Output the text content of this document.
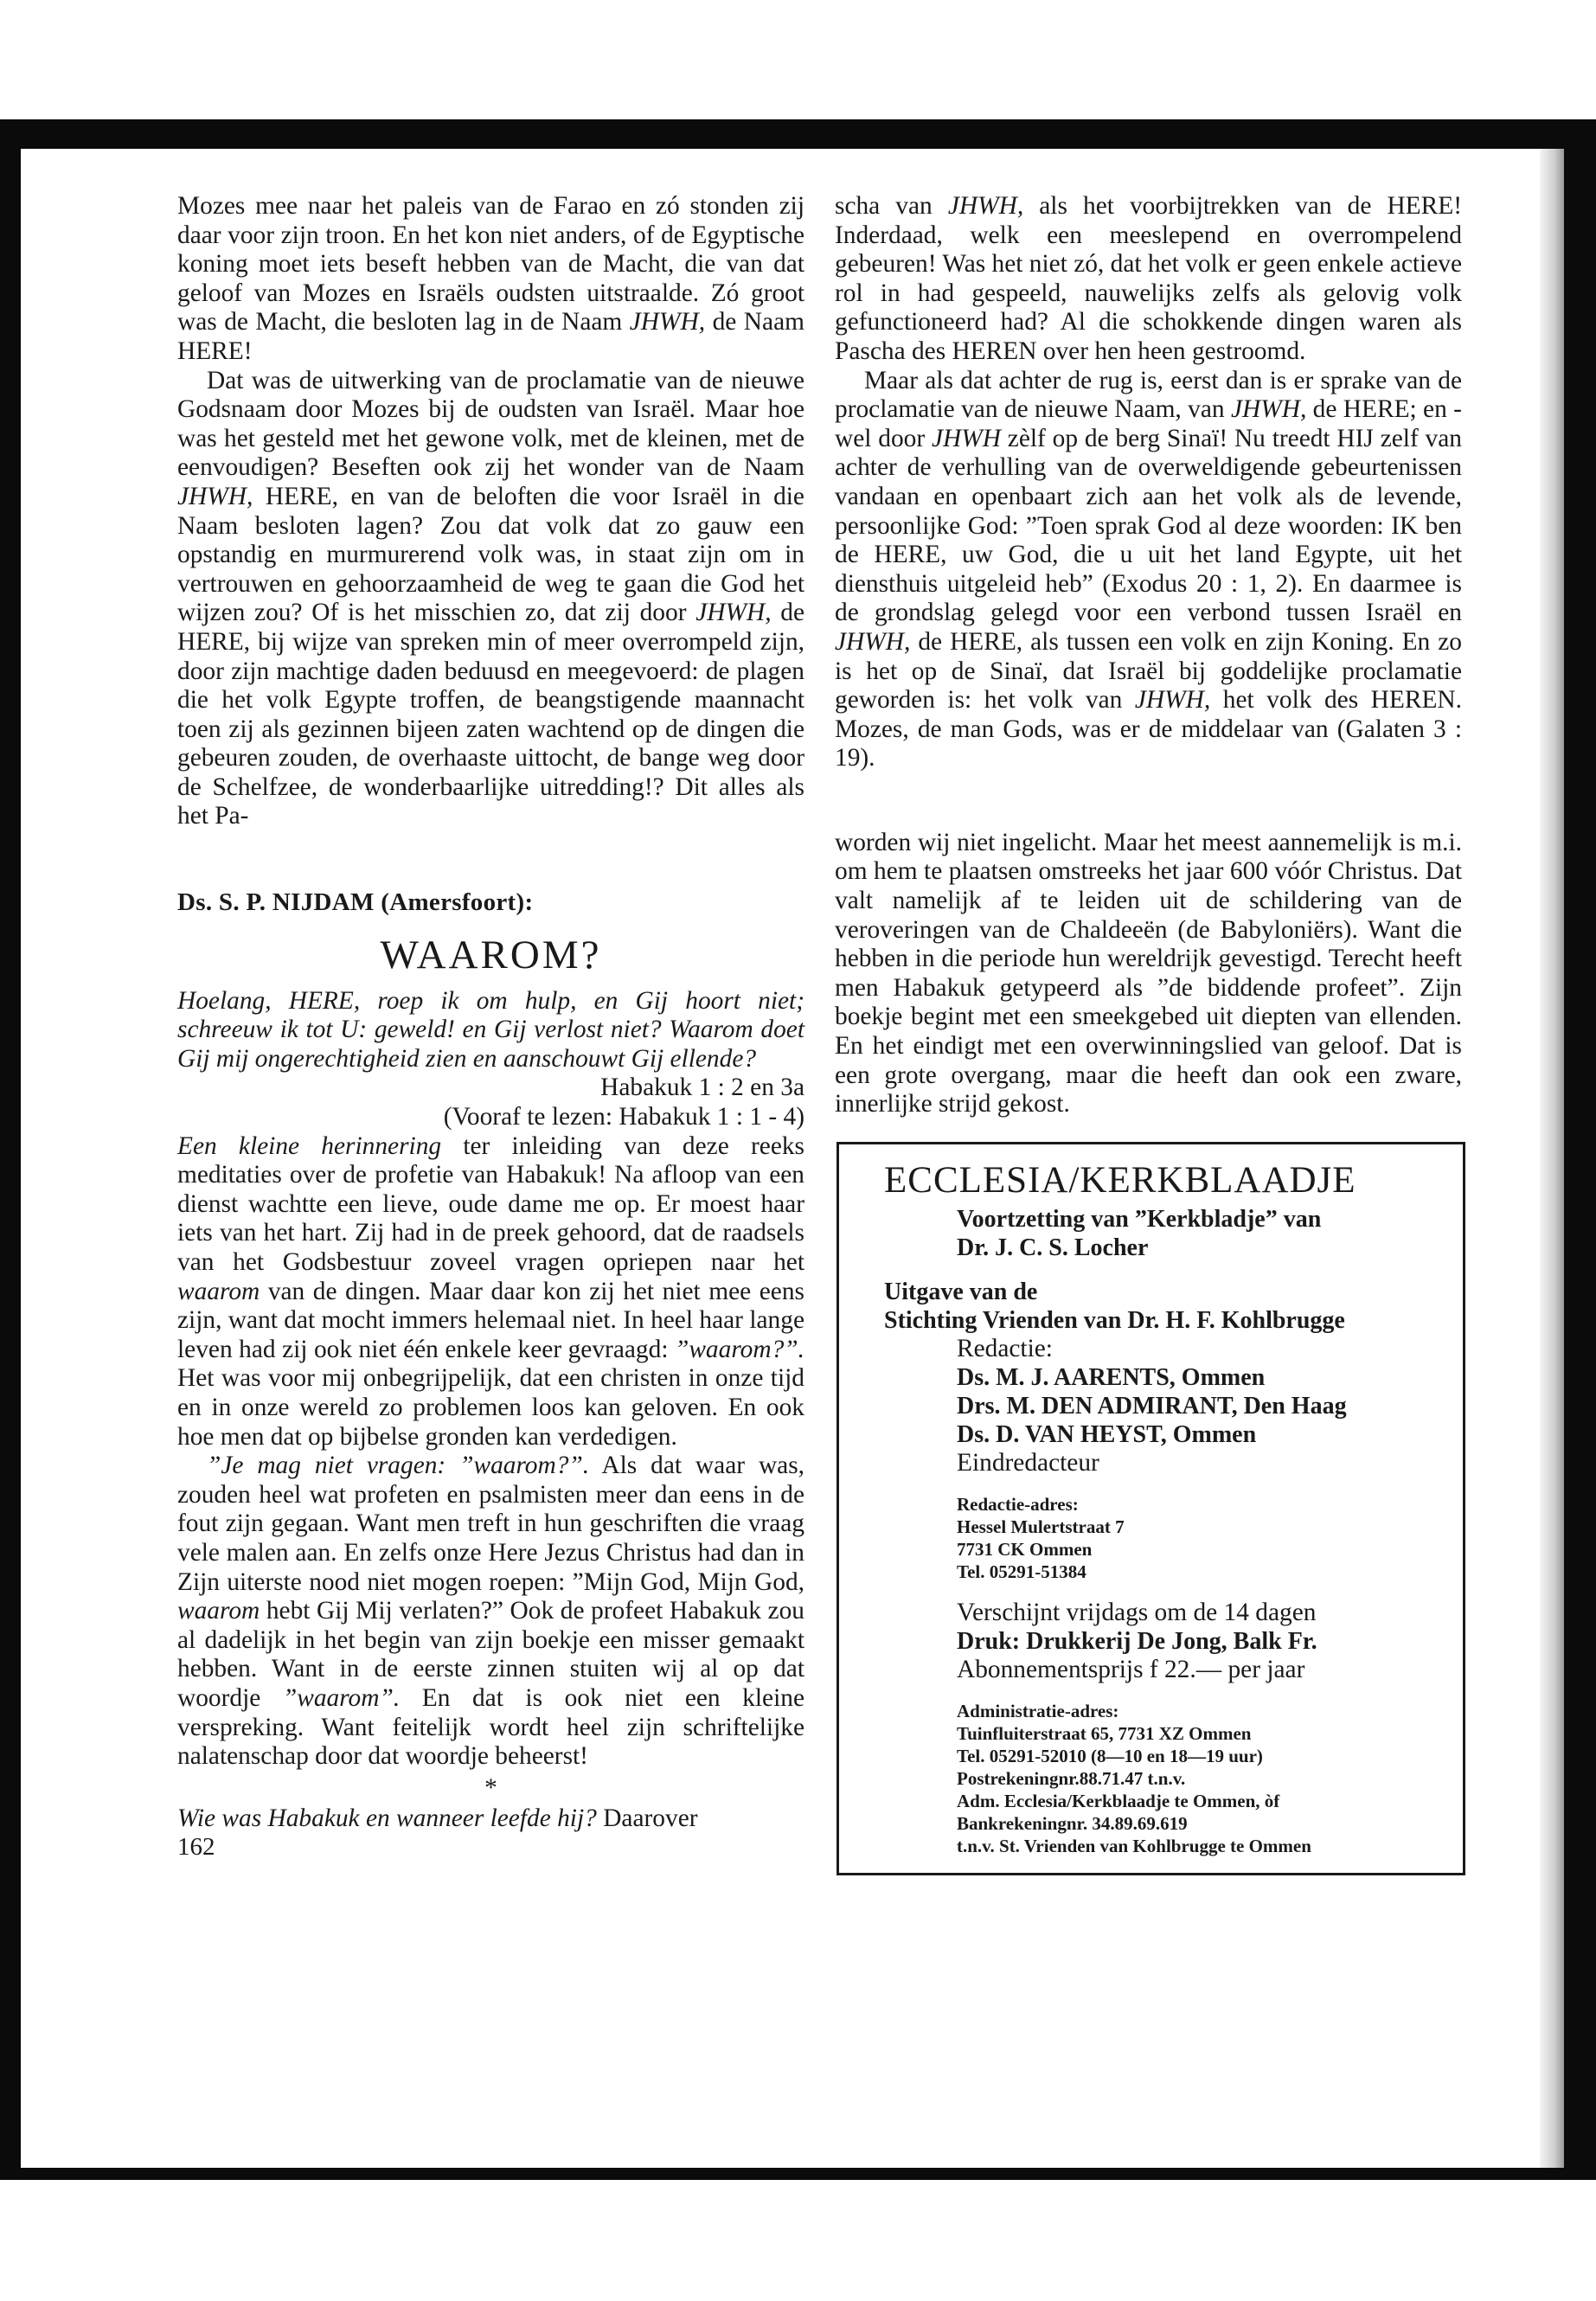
Mozes mee naar het paleis van de Farao en zó stonden zij daar voor zijn troon. En het kon niet anders, of de Egyptische koning moet iets beseft hebben van de Macht, die van dat geloof van Mozes en Israëls oudsten uitstraalde. Zó groot was de Macht, die besloten lag in de Naam JHWH, de Naam HERE!

Dat was de uitwerking van de proclamatie van de nieuwe Godsnaam door Mozes bij de oudsten van Israël. Maar hoe was het gesteld met het gewone volk, met de kleinen, met de eenvoudigen? Beseften ook zij het wonder van de Naam JHWH, HERE, en van de beloften die voor Israël in die Naam besloten lagen? Zou dat volk dat zo gauw een opstandig en murmurerend volk was, in staat zijn om in vertrouwen en gehoorzaamheid de weg te gaan die God het wijzen zou? Of is het misschien zo, dat zij door JHWH, de HERE, bij wijze van spreken min of meer overrompeld zijn, door zijn machtige daden beduusd en meegevoerd: de plagen die het volk Egypte troffen, de beangstigende maannacht toen zij als gezinnen bijeen zaten wachtend op de dingen die gebeuren zouden, de overhaaste uittocht, de bange weg door de Schelfzee, de wonderbaarlijke uitredding!? Dit alles als het Pa-

Ds. S. P. NIJDAM (Amersfoort):

WAAROM?

Hoelang, HERE, roep ik om hulp, en Gij hoort niet; schreeuw ik tot U: geweld! en Gij verlost niet? Waarom doet Gij mij ongerechtigheid zien en aanschouwt Gij ellende?

Habakuk 1 : 2 en 3a

(Vooraf te lezen: Habakuk 1 : 1 - 4)

Een kleine herinnering ter inleiding van deze reeks meditaties over de profetie van Habakuk! Na afloop van een dienst wachtte een lieve, oude dame me op. Er moest haar iets van het hart. Zij had in de preek gehoord, dat de raadsels van het Godsbestuur zoveel vragen opriepen naar het waarom van de dingen. Maar daar kon zij het niet mee eens zijn, want dat mocht immers helemaal niet. In heel haar lange leven had zij ook niet één enkele keer gevraagd: ”waarom?”. Het was voor mij onbegrijpelijk, dat een christen in onze tijd en in onze wereld zo problemen loos kan geloven. En ook hoe men dat op bijbelse gronden kan verdedigen.

”Je mag niet vragen: ”waarom?”. Als dat waar was, zouden heel wat profeten en psalmisten meer dan eens in de fout zijn gegaan. Want men treft in hun geschriften die vraag vele malen aan. En zelfs onze Here Jezus Christus had dan in Zijn uiterste nood niet mogen roepen: ”Mijn God, Mijn God, waarom hebt Gij Mij verlaten?” Ook de profeet Habakuk zou al dadelijk in het begin van zijn boekje een misser gemaakt hebben. Want in de eerste zinnen stuiten wij al op dat woordje ”waarom”. En dat is ook niet een kleine verspreking. Want feitelijk wordt heel zijn schriftelijke nalatenschap door dat woordje beheerst!

*

Wie was Habakuk en wanneer leefde hij? Daarover

162

scha van JHWH, als het voorbijtrekken van de HERE! Inderdaad, welk een meeslepend en overrompelend gebeuren! Was het niet zó, dat het volk er geen enkele actieve rol in had gespeeld, nauwelijks zelfs als gelovig volk gefunctioneerd had? Al die schokkende dingen waren als Pascha des HEREN over hen heen gestroomd.

Maar als dat achter de rug is, eerst dan is er sprake van de proclamatie van de nieuwe Naam, van JHWH, de HERE; en - wel door JHWH zèlf op de berg Sinaï! Nu treedt HIJ zelf van achter de verhulling van de overweldigende gebeurtenissen vandaan en openbaart zich aan het volk als de levende, persoonlijke God: ”Toen sprak God al deze woorden: IK ben de HERE, uw God, die u uit het land Egypte, uit het diensthuis uitgeleid heb” (Exodus 20 : 1, 2). En daarmee is de grondslag gelegd voor een verbond tussen Israël en JHWH, de HERE, als tussen een volk en zijn Koning. En zo is het op de Sinaï, dat Israël bij goddelijke proclamatie geworden is: het volk van JHWH, het volk des HEREN. Mozes, de man Gods, was er de middelaar van (Galaten 3 : 19).

worden wij niet ingelicht. Maar het meest aannemelijk is m.i. om hem te plaatsen omstreeks het jaar 600 vóór Christus. Dat valt namelijk af te leiden uit de schildering van de veroveringen van de Chaldeeën (de Babyloniërs). Want die hebben in die periode hun wereldrijk gevestigd. Terecht heeft men Habakuk getypeerd als ”de biddende profeet”. Zijn boekje begint met een smeekgebed uit diepten van ellenden. En het eindigt met een overwinningslied van geloof. Dat is een grote overgang, maar die heeft dan ook een zware, innerlijke strijd gekost.

ECCLESIA/KERKBLAADJE
Voortzetting van ”Kerkbladje” van
Dr. J. C. S. Locher
Uitgave van de
Stichting Vrienden van Dr. H. F. Kohlbrugge
Redactie:
Ds. M. J. AARENTS, Ommen
Drs. M. DEN ADMIRANT, Den Haag
Ds. D. VAN HEYST, Ommen
Eindredacteur
Redactie-adres:
Hessel Mulertstraat 7
7731 CK Ommen
Tel. 05291-51384
Verschijnt vrijdags om de 14 dagen
Druk: Drukkerij De Jong, Balk Fr.
Abonnementsprijs f 22.— per jaar
Administratie-adres:
Tuinfluiterstraat 65, 7731 XZ Ommen
Tel. 05291-52010 (8—10 en 18—19 uur)
Postrekeningnr.88.71.47 t.n.v.
Adm. Ecclesia/Kerkblaadje te Ommen, òf
Bankrekeningnr. 34.89.69.619
t.n.v. St. Vrienden van Kohlbrugge te Ommen
